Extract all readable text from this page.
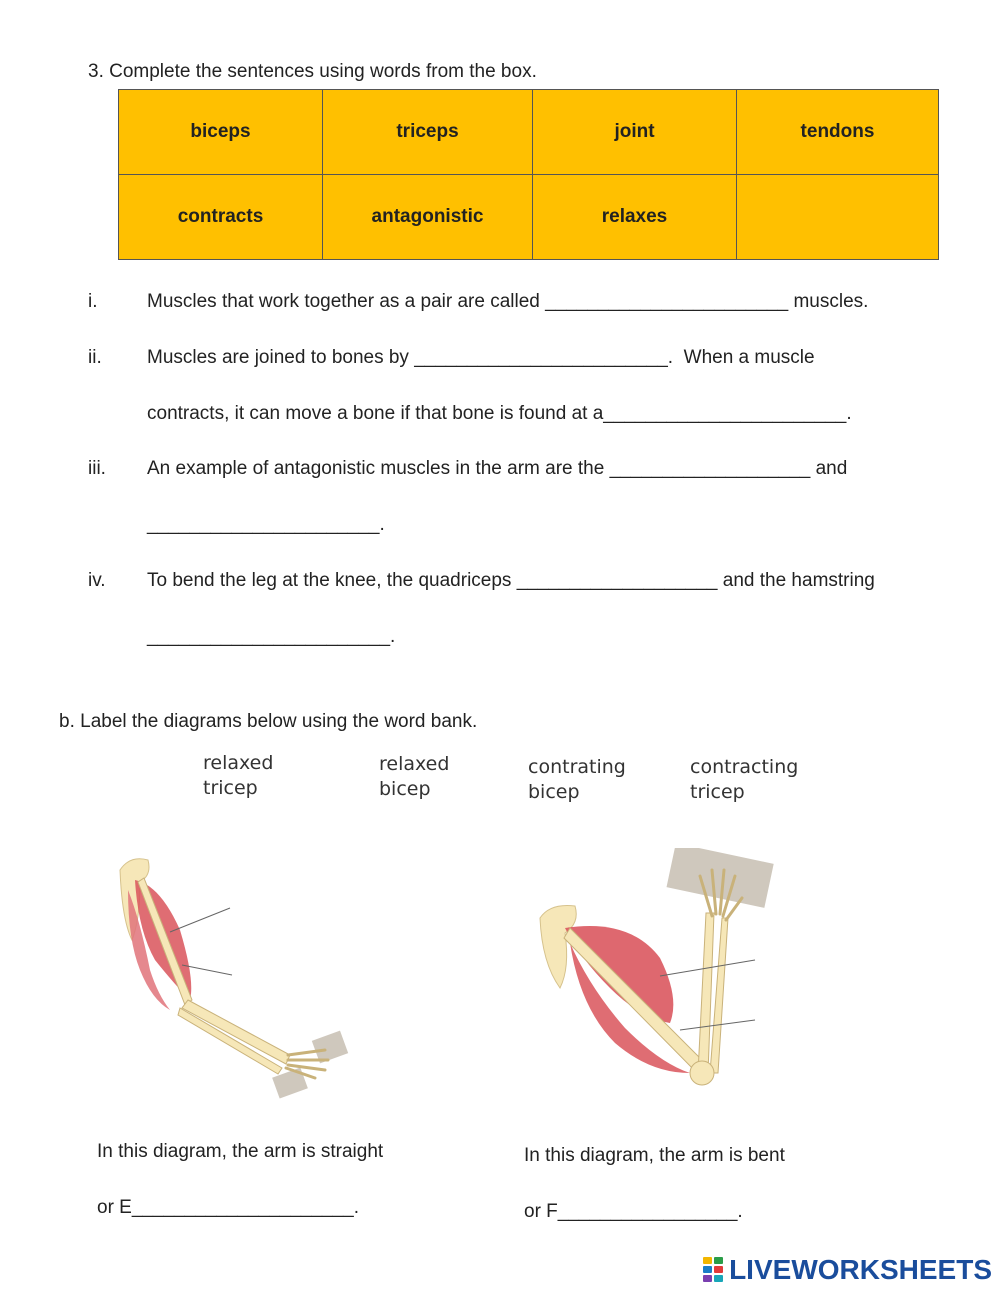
3. Complete the sentences using words from the box.
biceps	triceps	joint	tendons
contracts	antagonistic	relaxes	
i.	Muscles that work together as a pair are called _______________________ muscles.
ii. Muscles are joined to bones by ________________________.  When a muscle
contracts, it can move a bone if that bone is found at a_______________________.
iii. An example of antagonistic muscles in the arm are the ___________________ and
______________________.
iv. To bend the leg at the knee, the quadriceps ___________________ and the hamstring
_______________________.
b. Label the diagrams below using the word bank.
relaxed
tricep
relaxed
bicep
contrating
bicep
contracting
tricep
In this diagram, the arm is straight
or E_____________________.
In this diagram, the arm is bent
or F_________________.
LIVEWORKSHEETS
